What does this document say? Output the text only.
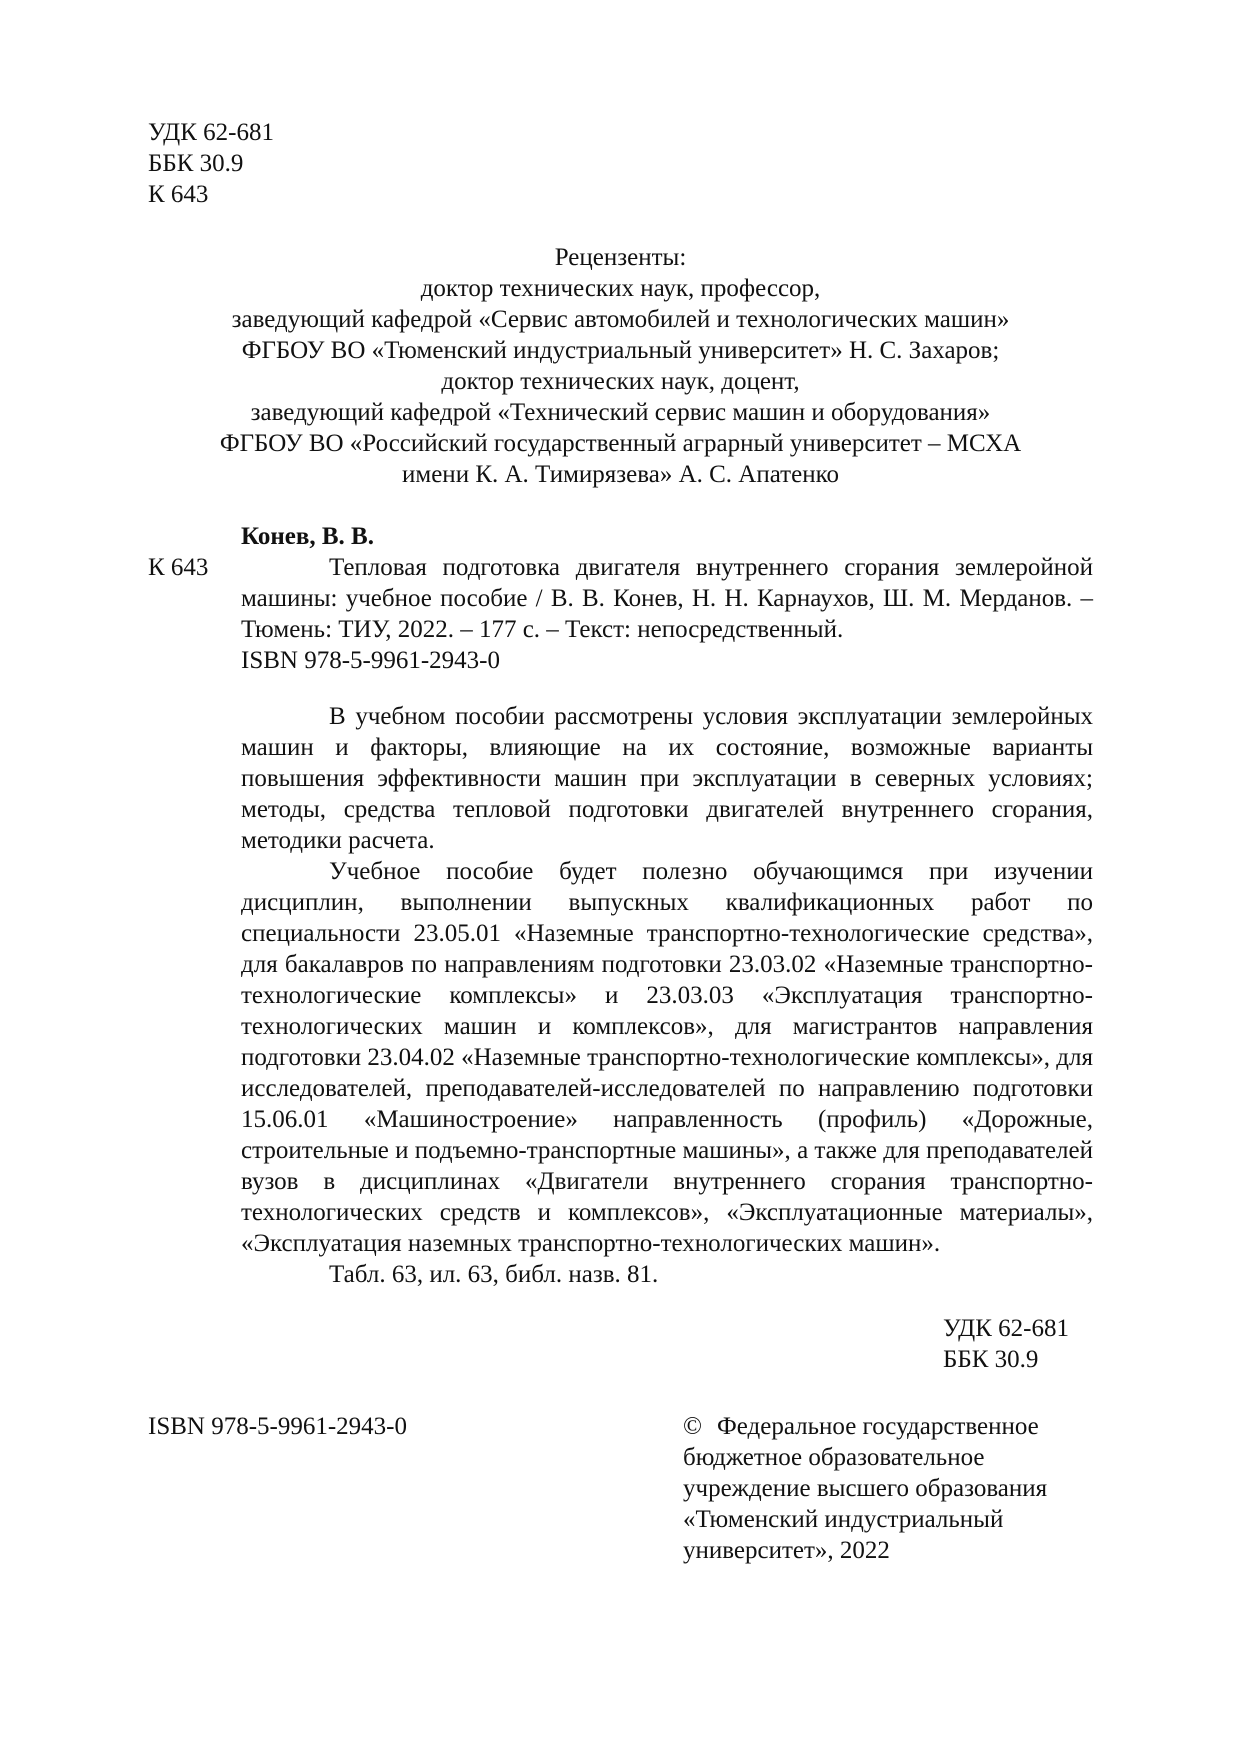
УДК 62-681
ББК 30.9
К 643
Рецензенты:
доктор технических наук, профессор,
заведующий кафедрой «Сервис автомобилей и технологических машин»
ФГБОУ ВО «Тюменский индустриальный университет» Н. С. Захаров;
доктор технических наук, доцент,
заведующий кафедрой «Технический сервис машин и оборудования»
ФГБОУ ВО «Российский государственный аграрный университет – МСХА
имени К. А. Тимирязева» А. С. Апатенко
Конев, В. В.
К 643	Тепловая подготовка двигателя внутреннего сгорания землеройной машины: учебное пособие / В. В. Конев, Н. Н. Карнаухов, Ш. М. Мерданов. – Тюмень: ТИУ, 2022. – 177 с. – Текст: непосредственный.
ISBN 978-5-9961-2943-0

В учебном пособии рассмотрены условия эксплуатации землеройных машин и факторы, влияющие на их состояние, возможные варианты повышения эффективности машин при эксплуатации в северных условиях; методы, средства тепловой подготовки двигателей внутреннего сгорания, методики расчета.

Учебное пособие будет полезно обучающимся при изучении дисциплин, выполнении выпускных квалификационных работ по специальности 23.05.01 «Наземные транспортно-технологические средства», для бакалавров по направлениям подготовки 23.03.02 «Наземные транспортно-технологические комплексы» и 23.03.03 «Эксплуатация транспортно-технологических машин и комплексов», для магистрантов направления подготовки 23.04.02 «Наземные транспортно-технологические комплексы», для исследователей, преподавателей-исследователей по направлению подготовки 15.06.01 «Машиностроение» направленность (профиль) «Дорожные, строительные и подъемно-транспортные машины», а также для преподавателей вузов в дисциплинах «Двигатели внутреннего сгорания транспортно-технологических средств и комплексов», «Эксплуатационные материалы», «Эксплуатация наземных транспортно-технологических машин».

Табл. 63, ил. 63, библ. назв. 81.

УДК 62-681
ББК 30.9
ISBN 978-5-9961-2943-0	© Федеральное государственное
бюджетное образовательное
учреждение высшего образования
«Тюменский индустриальный
университет», 2022
